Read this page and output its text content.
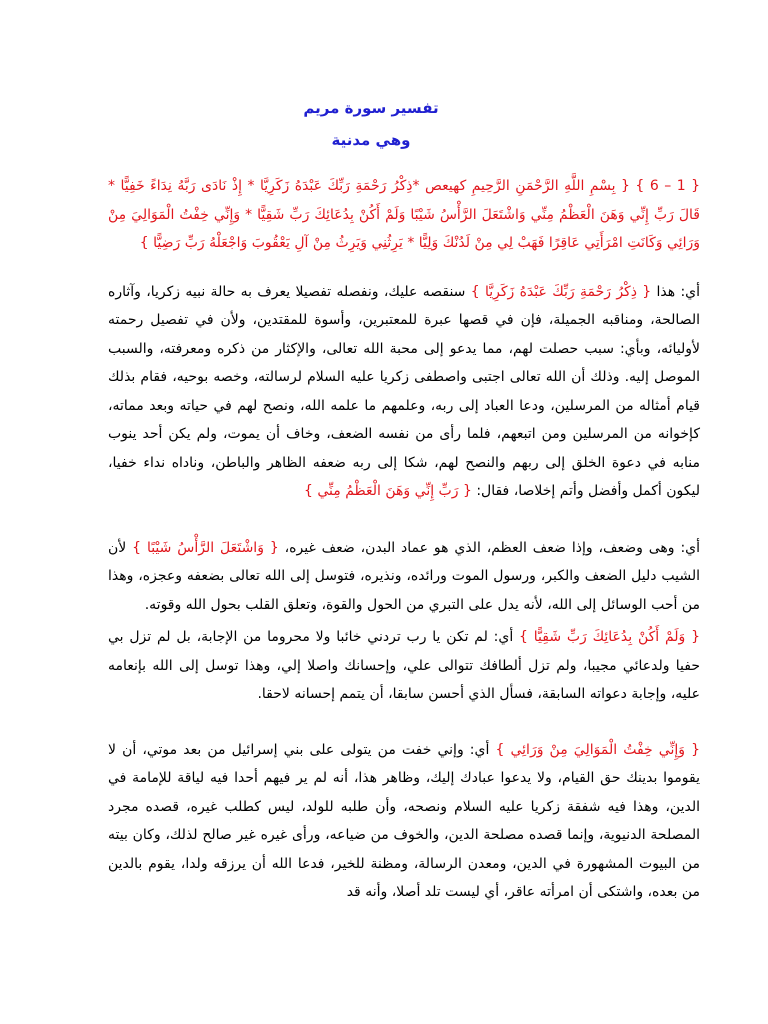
تفسير سورة مريم
وهي مدنية

{ 1 – 6 } { بِسْمِ اللَّهِ الرَّحْمَنِ الرَّحِيمِ كهيعص *ذِكْرُ رَحْمَةِ رَبِّكَ عَبْدَهُ زَكَرِيَّا * إِذْ نَادَى رَبَّهُ نِدَاءً خَفِيًّا * قَالَ رَبِّ إِنِّي وَهَنَ الْعَظْمُ مِنِّي وَاشْتَعَلَ الرَّأْسُ شَيْبًا وَلَمْ أَكُنْ بِدُعَائِكَ رَبِّ شَقِيًّا * وَإِنِّي خِفْتُ الْمَوَالِيَ مِنْ وَرَائِي وَكَانَتِ امْرَأَتِي عَاقِرًا فَهَبْ لِي مِنْ لَدُنْكَ وَلِيًّا * يَرِثُنِي وَيَرِثُ مِنْ آلِ يَعْقُوبَ وَاجْعَلْهُ رَبِّ رَضِيًّا }

أي: هذا { ذِكْرُ رَحْمَةِ رَبِّكَ عَبْدَهُ زَكَرِيَّا } سنقصه عليك، ونفصله تفصيلا يعرف به حالة نبيه زكريا، وآثاره الصالحة، ومناقبه الجميلة، فإن في قصها عبرة للمعتبرين، وأسوة للمقتدين، ولأن في تفصيل رحمته لأوليائه، وبأي: سبب حصلت لهم، مما يدعو إلى محبة الله تعالى، والإكثار من ذكره ومعرفته، والسبب الموصل إليه. وذلك أن الله تعالى اجتبى واصطفى زكريا عليه السلام لرسالته، وخصه بوحيه، فقام بذلك قيام أمثاله من المرسلين، ودعا العباد إلى ربه، وعلمهم ما علمه الله، ونصح لهم في حياته وبعد مماته، كإخوانه من المرسلين ومن اتبعهم، فلما رأى من نفسه الضعف، وخاف أن يموت، ولم يكن أحد ينوب منابه في دعوة الخلق إلى ربهم والنصح لهم، شكا إلى ربه ضعفه الظاهر والباطن، وناداه نداء خفيا، ليكون أكمل وأفضل وأتم إخلاصا، فقال: { رَبِّ إِنِّي وَهَنَ الْعَظْمُ مِنِّي }

أي: وهى وضعف، وإذا ضعف العظم، الذي هو عماد البدن، ضعف غيره، { وَاشْتَعَلَ الرَّأْسُ شَيْبًا } لأن الشيب دليل الضعف والكبر، ورسول الموت ورائده، ونذيره، فتوسل إلى الله تعالى بضعفه وعجزه، وهذا من أحب الوسائل إلى الله، لأنه يدل على التبري من الحول والقوة، وتعلق القلب بحول الله وقوته.

{ وَلَمْ أَكُنْ بِدُعَائِكَ رَبِّ شَقِيًّا } أي: لم تكن يا رب تردني خائبا ولا محروما من الإجابة، بل لم تزل بي حفيا ولدعائي مجيبا، ولم تزل ألطافك تتوالى علي، وإحسانك واصلا إلي، وهذا توسل إلى الله بإنعامه عليه، وإجابة دعواته السابقة، فسأل الذي أحسن سابقا، أن يتمم إحسانه لاحقا.

{ وَإِنِّي خِفْتُ الْمَوَالِيَ مِنْ وَرَائِي } أي: وإني خفت من يتولى على بني إسرائيل من بعد موتي، أن لا يقوموا بدينك حق القيام، ولا يدعوا عبادك إليك، وظاهر هذا، أنه لم ير فيهم أحدا فيه لياقة للإمامة في الدين، وهذا فيه شفقة زكريا عليه السلام ونصحه، وأن طلبه للولد، ليس كطلب غيره، قصده مجرد المصلحة الدنيوية، وإنما قصده مصلحة الدين، والخوف من ضياعه، ورأى غيره غير صالح لذلك، وكان بيته من البيوت المشهورة في الدين، ومعدن الرسالة، ومظنة للخير، فدعا الله أن يرزقه ولدا، يقوم بالدين من بعده، واشتكى أن امرأته عاقر، أي ليست تلد أصلا، وأنه قد
